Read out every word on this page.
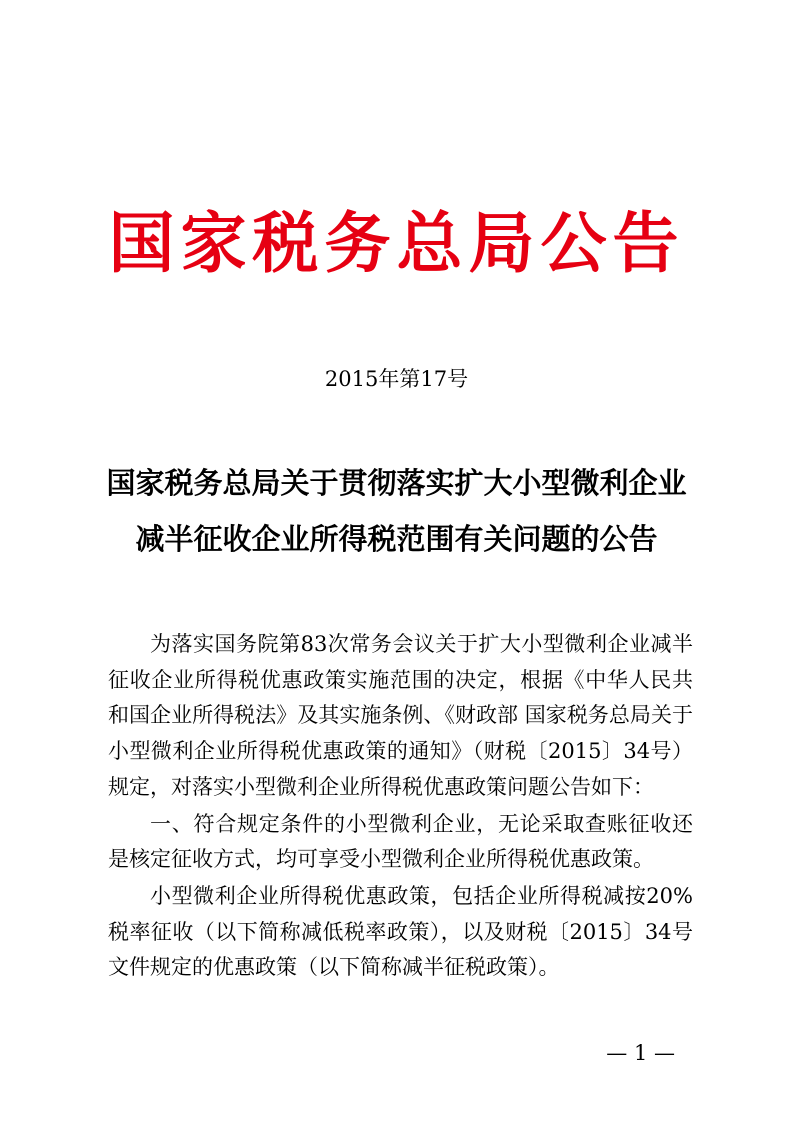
国家税务总局公告
2015年第17号
国家税务总局关于贯彻落实扩大小型微利企业
减半征收企业所得税范围有关问题的公告

为落实国务院第83次常务会议关于扩大小型微利企业减半征收企业所得税优惠政策实施范围的决定，根据《中华人民共和国企业所得税法》及其实施条例、《财政部 国家税务总局关于小型微利企业所得税优惠政策的通知》（财税〔2015〕34号）规定，对落实小型微利企业所得税优惠政策问题公告如下：

一、符合规定条件的小型微利企业，无论采取查账征收还是核定征收方式，均可享受小型微利企业所得税优惠政策。

小型微利企业所得税优惠政策，包括企业所得税减按20%税率征收（以下简称减低税率政策），以及财税〔2015〕34号文件规定的优惠政策（以下简称减半征税政策）。

— 1 —
